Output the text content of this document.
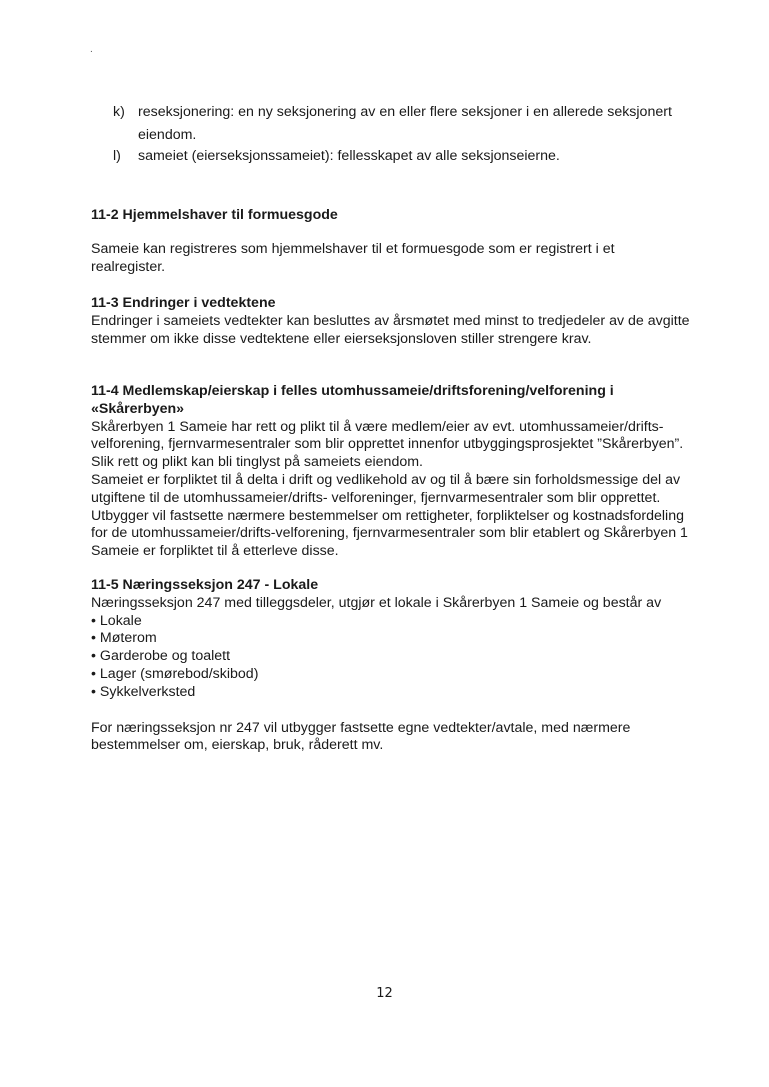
.
k) reseksjonering: en ny seksjonering av en eller flere seksjoner i en allerede seksjonert eiendom.
l) sameiet (eierseksjonssameiet): fellesskapet av alle seksjonseierne.

11-2 Hjemmelshaver til formuesgode

Sameie kan registreres som hjemmelshaver til et formuesgode som er registrert i et realregister.

11-3 Endringer i vedtektene

Endringer i sameiets vedtekter kan besluttes av årsmøtet med minst to tredjedeler av de avgitte stemmer om ikke disse vedtektene eller eierseksjonsloven stiller strengere krav.

11-4 Medlemskap/eierskap i felles utomhussameie/driftsforening/velforening i «Skårerbyen»

Skårerbyen 1 Sameie har rett og plikt til å være medlem/eier av evt. utomhussameier/drifts-velforening, fjernvarmesentraler som blir opprettet innenfor utbyggingsprosjektet ”Skårerbyen”. Slik rett og plikt kan bli tinglyst på sameiets eiendom.

Sameiet er forpliktet til å delta i drift og vedlikehold av og til å bære sin forholdsmessige del av utgiftene til de utomhussameier/drifts- velforeninger, fjernvarmesentraler som blir opprettet. Utbygger vil fastsette nærmere bestemmelser om rettigheter, forpliktelser og kostnadsfordeling for de utomhussameier/drifts-velforening, fjernvarmesentraler som blir etablert og Skårerbyen 1 Sameie er forpliktet til å etterleve disse.

11-5 Næringsseksjon 247 - Lokale

Næringsseksjon 247 med tilleggsdeler, utgjør et lokale i Skårerbyen 1 Sameie og består av

• Lokale
• Møterom
• Garderobe og toalett
• Lager (smørebod/skibod)
• Sykkelverksted

For næringsseksjon nr 247 vil utbygger fastsette egne vedtekter/avtale, med nærmere bestemmelser om, eierskap, bruk, råderett mv.

12
